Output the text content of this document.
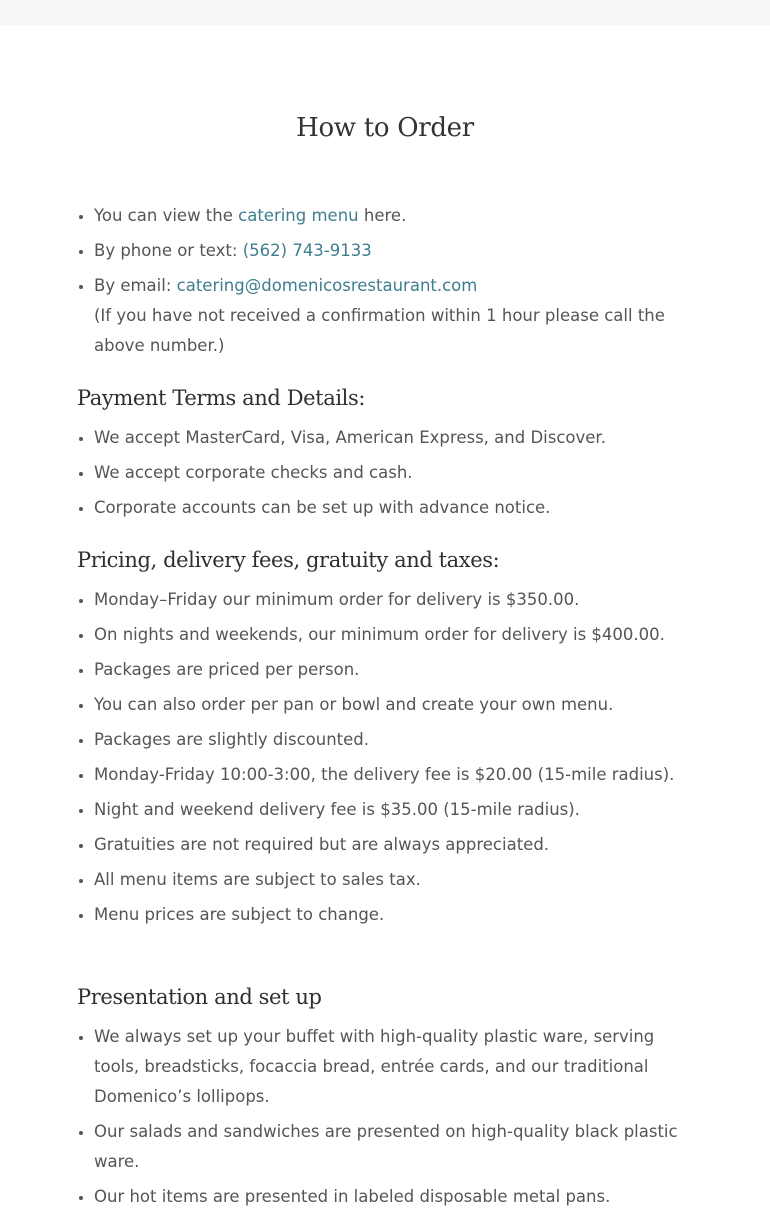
How to Order
• You can view the catering menu here.
• By phone or text: (562) 743-9133
• By email: catering@domenicosrestaurant.com
(If you have not received a confirmation within 1 hour please call the above number.)
Payment Terms and Details:
• We accept MasterCard, Visa, American Express, and Discover.
• We accept corporate checks and cash.
• Corporate accounts can be set up with advance notice.
Pricing, delivery fees, gratuity and taxes:
• Monday–Friday our minimum order for delivery is $350.00.
• On nights and weekends, our minimum order for delivery is $400.00.
• Packages are priced per person.
• You can also order per pan or bowl and create your own menu.
• Packages are slightly discounted.
• Monday-Friday 10:00-3:00, the delivery fee is $20.00 (15-mile radius).
• Night and weekend delivery fee is $35.00 (15-mile radius).
• Gratuities are not required but are always appreciated.
• All menu items are subject to sales tax.
• Menu prices are subject to change.
Presentation and set up
• We always set up your buffet with high-quality plastic ware, serving tools, breadsticks, focaccia bread, entrée cards, and our traditional Domenico’s lollipops.
• Our salads and sandwiches are presented on high-quality black plastic ware.
• Our hot items are presented in labeled disposable metal pans.
